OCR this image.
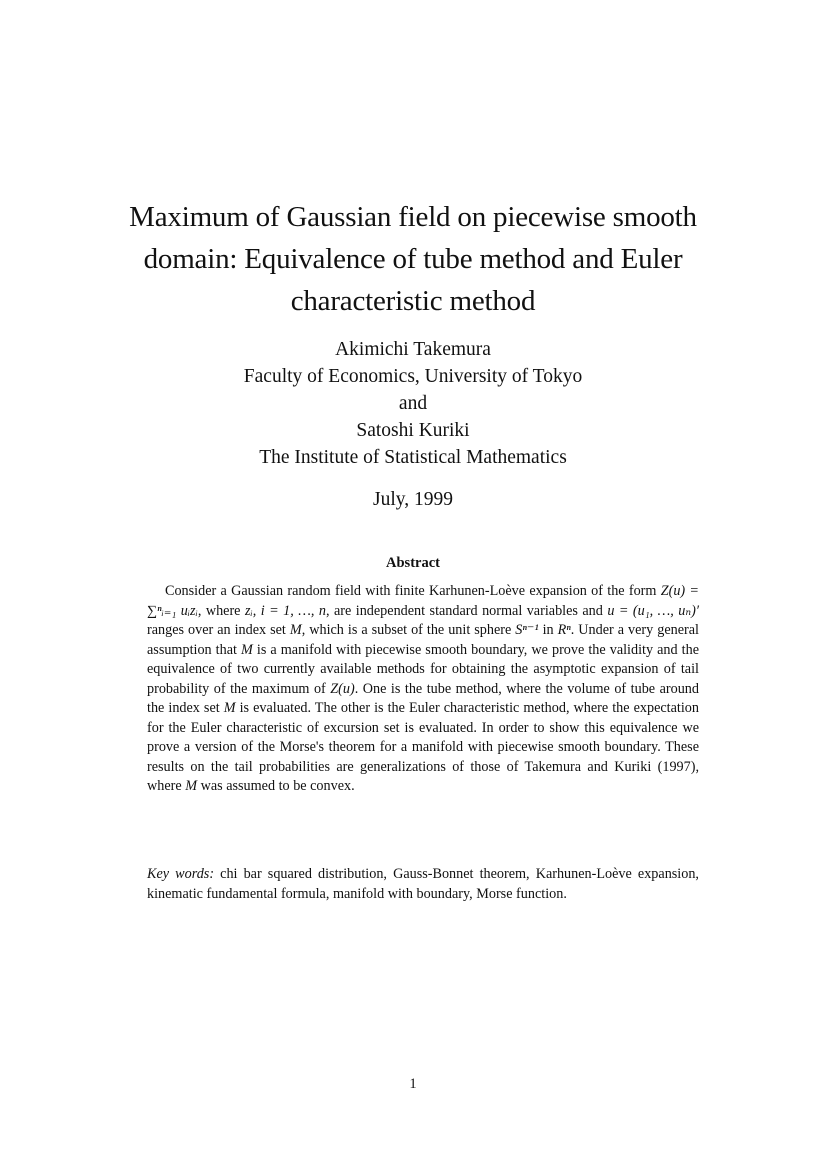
Maximum of Gaussian field on piecewise smooth
domain: Equivalence of tube method and Euler
characteristic method
Akimichi Takemura
Faculty of Economics, University of Tokyo
and
Satoshi Kuriki
The Institute of Statistical Mathematics
July, 1999
Abstract

Consider a Gaussian random field with finite Karhunen-Loève expansion of the form Z(u) = ∑ⁿᵢ₌₁ uᵢzᵢ, where zᵢ, i = 1, …, n, are independent standard normal variables and u = (u₁, …, uₙ)′ ranges over an index set M, which is a subset of the unit sphere Sⁿ⁻¹ in Rⁿ. Under a very general assumption that M is a manifold with piecewise smooth boundary, we prove the validity and the equivalence of two currently available methods for obtaining the asymptotic expansion of tail probability of the maximum of Z(u). One is the tube method, where the volume of tube around the index set M is evaluated. The other is the Euler characteristic method, where the expectation for the Euler characteristic of excursion set is evaluated. In order to show this equivalence we prove a version of the Morse's theorem for a manifold with piecewise smooth boundary. These results on the tail probabilities are generalizations of those of Takemura and Kuriki (1997), where M was assumed to be convex.

Key words: chi bar squared distribution, Gauss-Bonnet theorem, Karhunen-Loève expansion, kinematic fundamental formula, manifold with boundary, Morse function.
1
